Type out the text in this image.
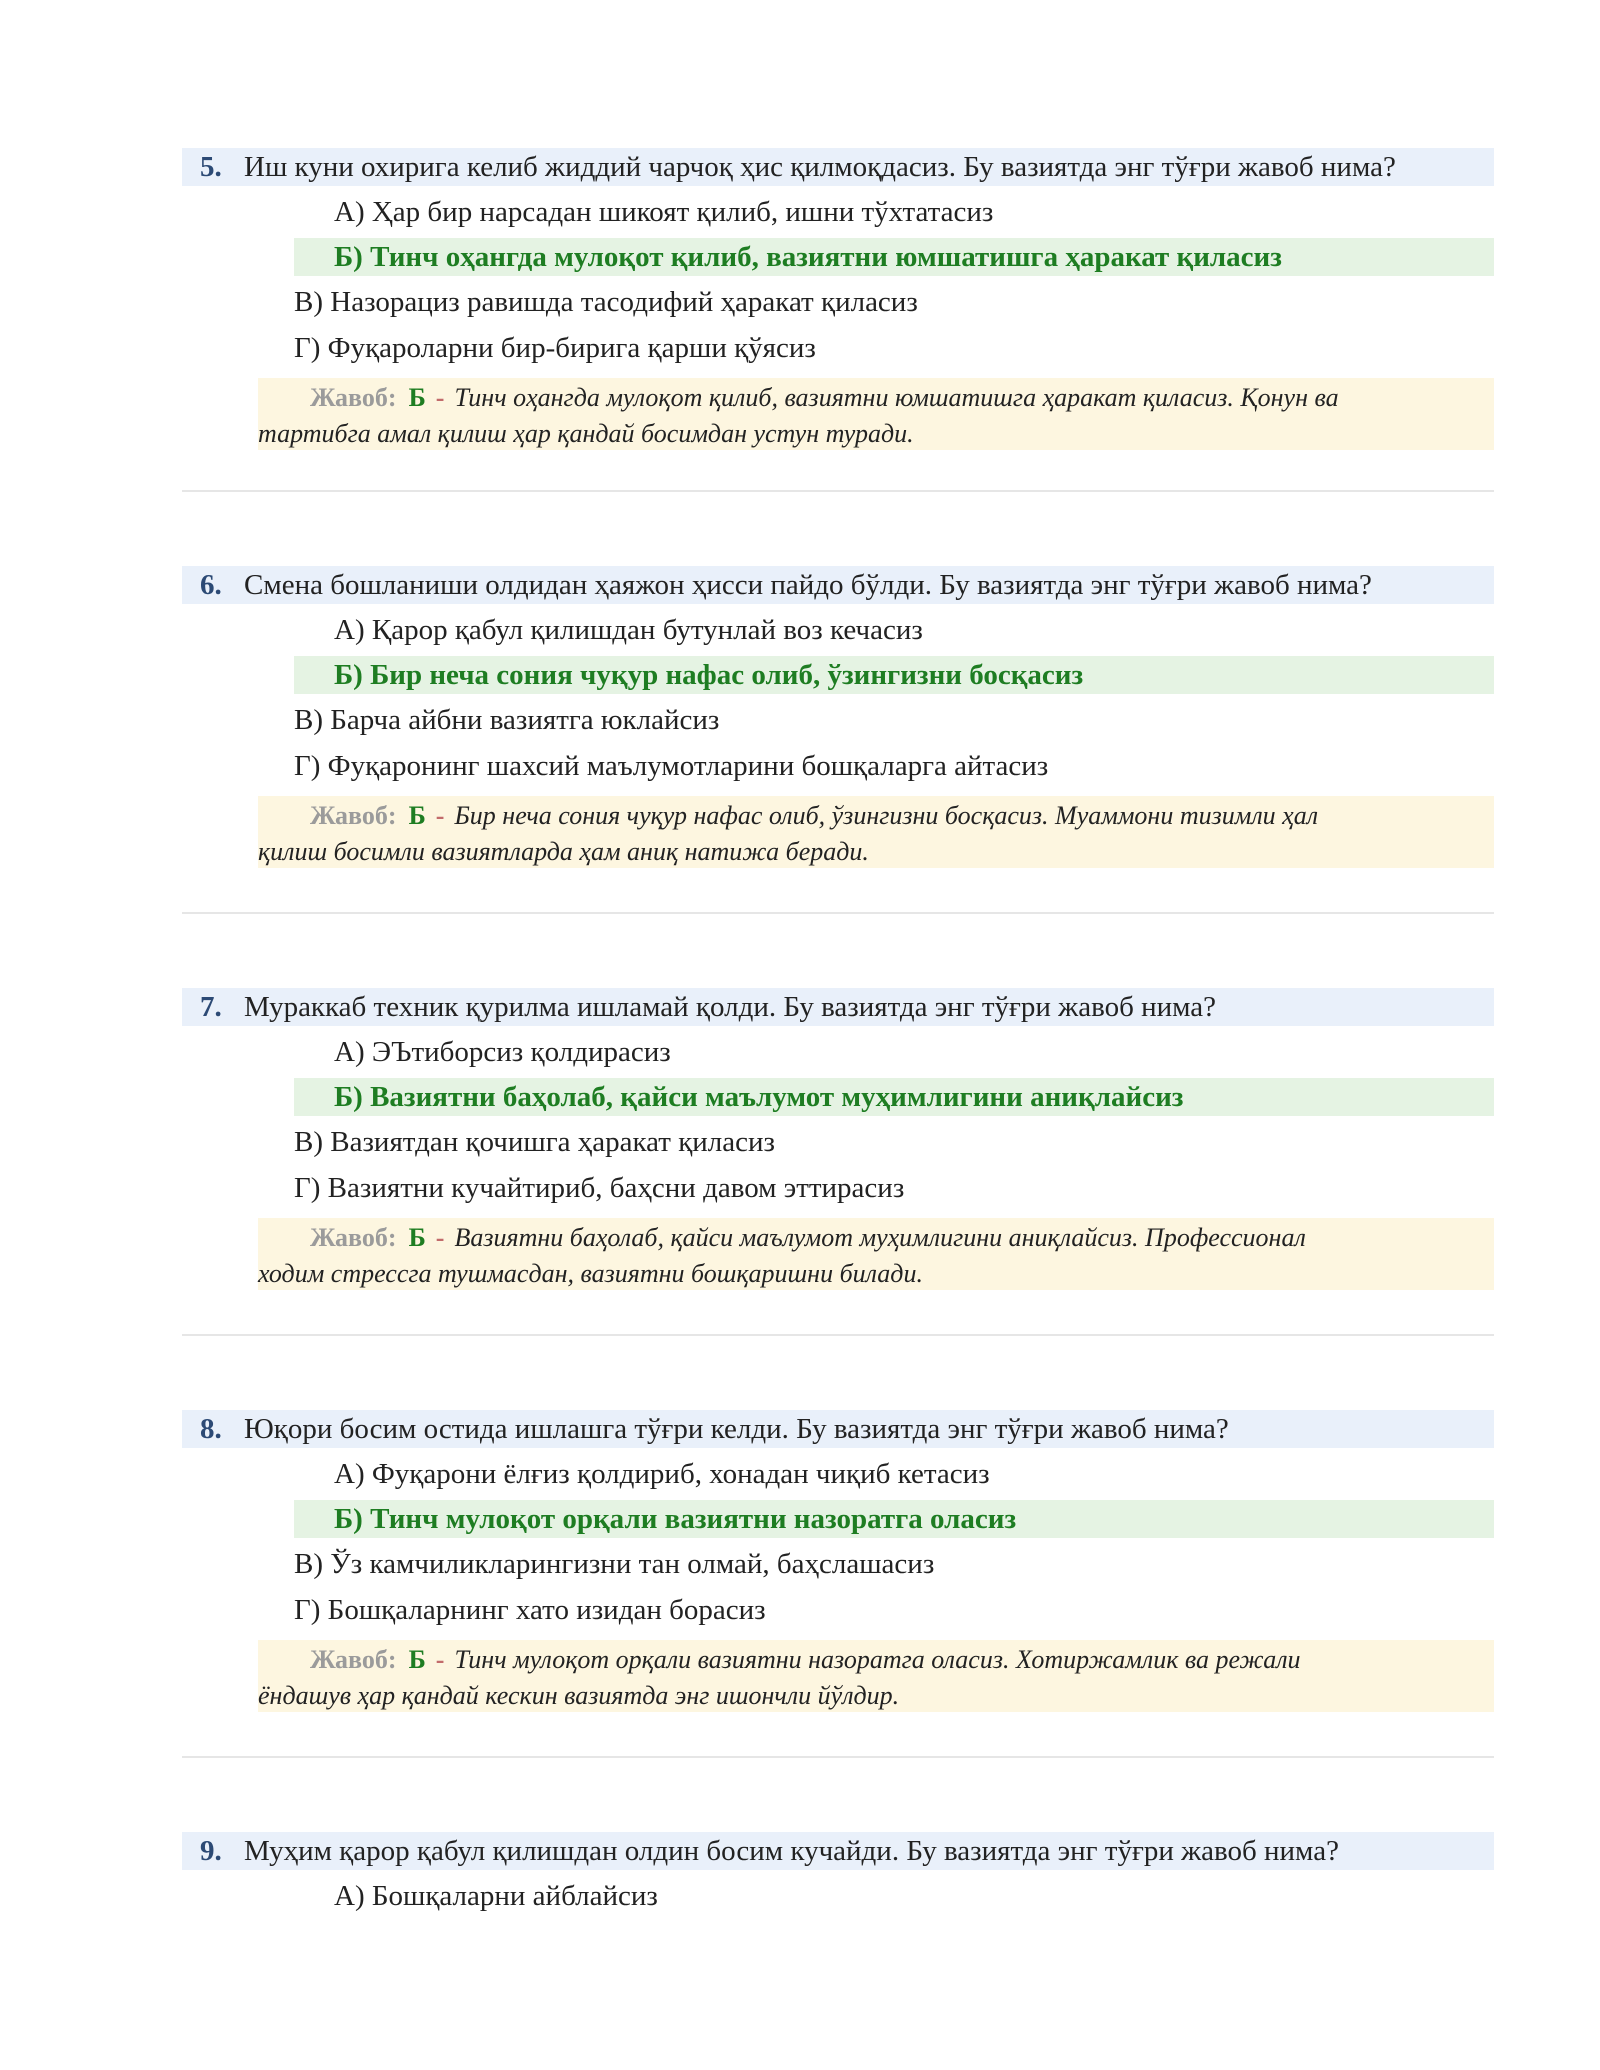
5. Иш куни охирига келиб жиддий чарчоқ ҳис қилмоқдасиз. Бу вазиятда энг тўғри жавоб нима?
А) Ҳар бир нарсадан шикоят қилиб, ишни тўхтатасиз
Б) Тинч оҳангда мулоқот қилиб, вазиятни юмшатишга ҳаракат қиласиз
В) Назорациз равишда тасодифий ҳаракат қиласиз
Г) Фуқароларни бир-бирига қарши қўясиз
Жавоб: Б - Тинч оҳангда мулоқот қилиб, вазиятни юмшатишга ҳаракат қиласиз. Қонун ва
тартибга амал қилиш ҳар қандай босимдан устун туради.
6. Смена бошланиши олдидан ҳаяжон ҳисси пайдо бўлди. Бу вазиятда энг тўғри жавоб нима?
А) Қарор қабул қилишдан бутунлай воз кечасиз
Б) Бир неча сония чуқур нафас олиб, ўзингизни босқасиз
В) Барча айбни вазиятга юклайсиз
Г) Фуқаронинг шахсий маълумотларини бошқаларга айтасиз
Жавоб: Б - Бир неча сония чуқур нафас олиб, ўзингизни босқасиз. Муаммони тизимли ҳал
қилиш босимли вазиятларда ҳам аниқ натижа беради.
7. Мураккаб техник қурилма ишламай қолди. Бу вазиятда энг тўғри жавоб нима?
А) ЭЪтиборсиз қолдирасиз
Б) Вазиятни баҳолаб, қайси маълумот муҳимлигини аниқлайсиз
В) Вазиятдан қочишга ҳаракат қиласиз
Г) Вазиятни кучайтириб, баҳсни давом эттирасиз
Жавоб: Б - Вазиятни баҳолаб, қайси маълумот муҳимлигини аниқлайсиз. Профессионал
ходим стрессга тушмасдан, вазиятни бошқаришни билади.
8. Юқори босим остида ишлашга тўғри келди. Бу вазиятда энг тўғри жавоб нима?
А) Фуқарони ёлғиз қолдириб, хонадан чиқиб кетасиз
Б) Тинч мулоқот орқали вазиятни назоратга оласиз
В) Ўз камчиликларингизни тан олмай, баҳслашасиз
Г) Бошқаларнинг хато изидан борасиз
Жавоб: Б - Тинч мулоқот орқали вазиятни назоратга оласиз. Хотиржамлик ва режали
ёндашув ҳар қандай кескин вазиятда энг ишончли йўлдир.
9. Муҳим қарор қабул қилишдан олдин босим кучайди. Бу вазиятда энг тўғри жавоб нима?
А) Бошқаларни айблайсиз
